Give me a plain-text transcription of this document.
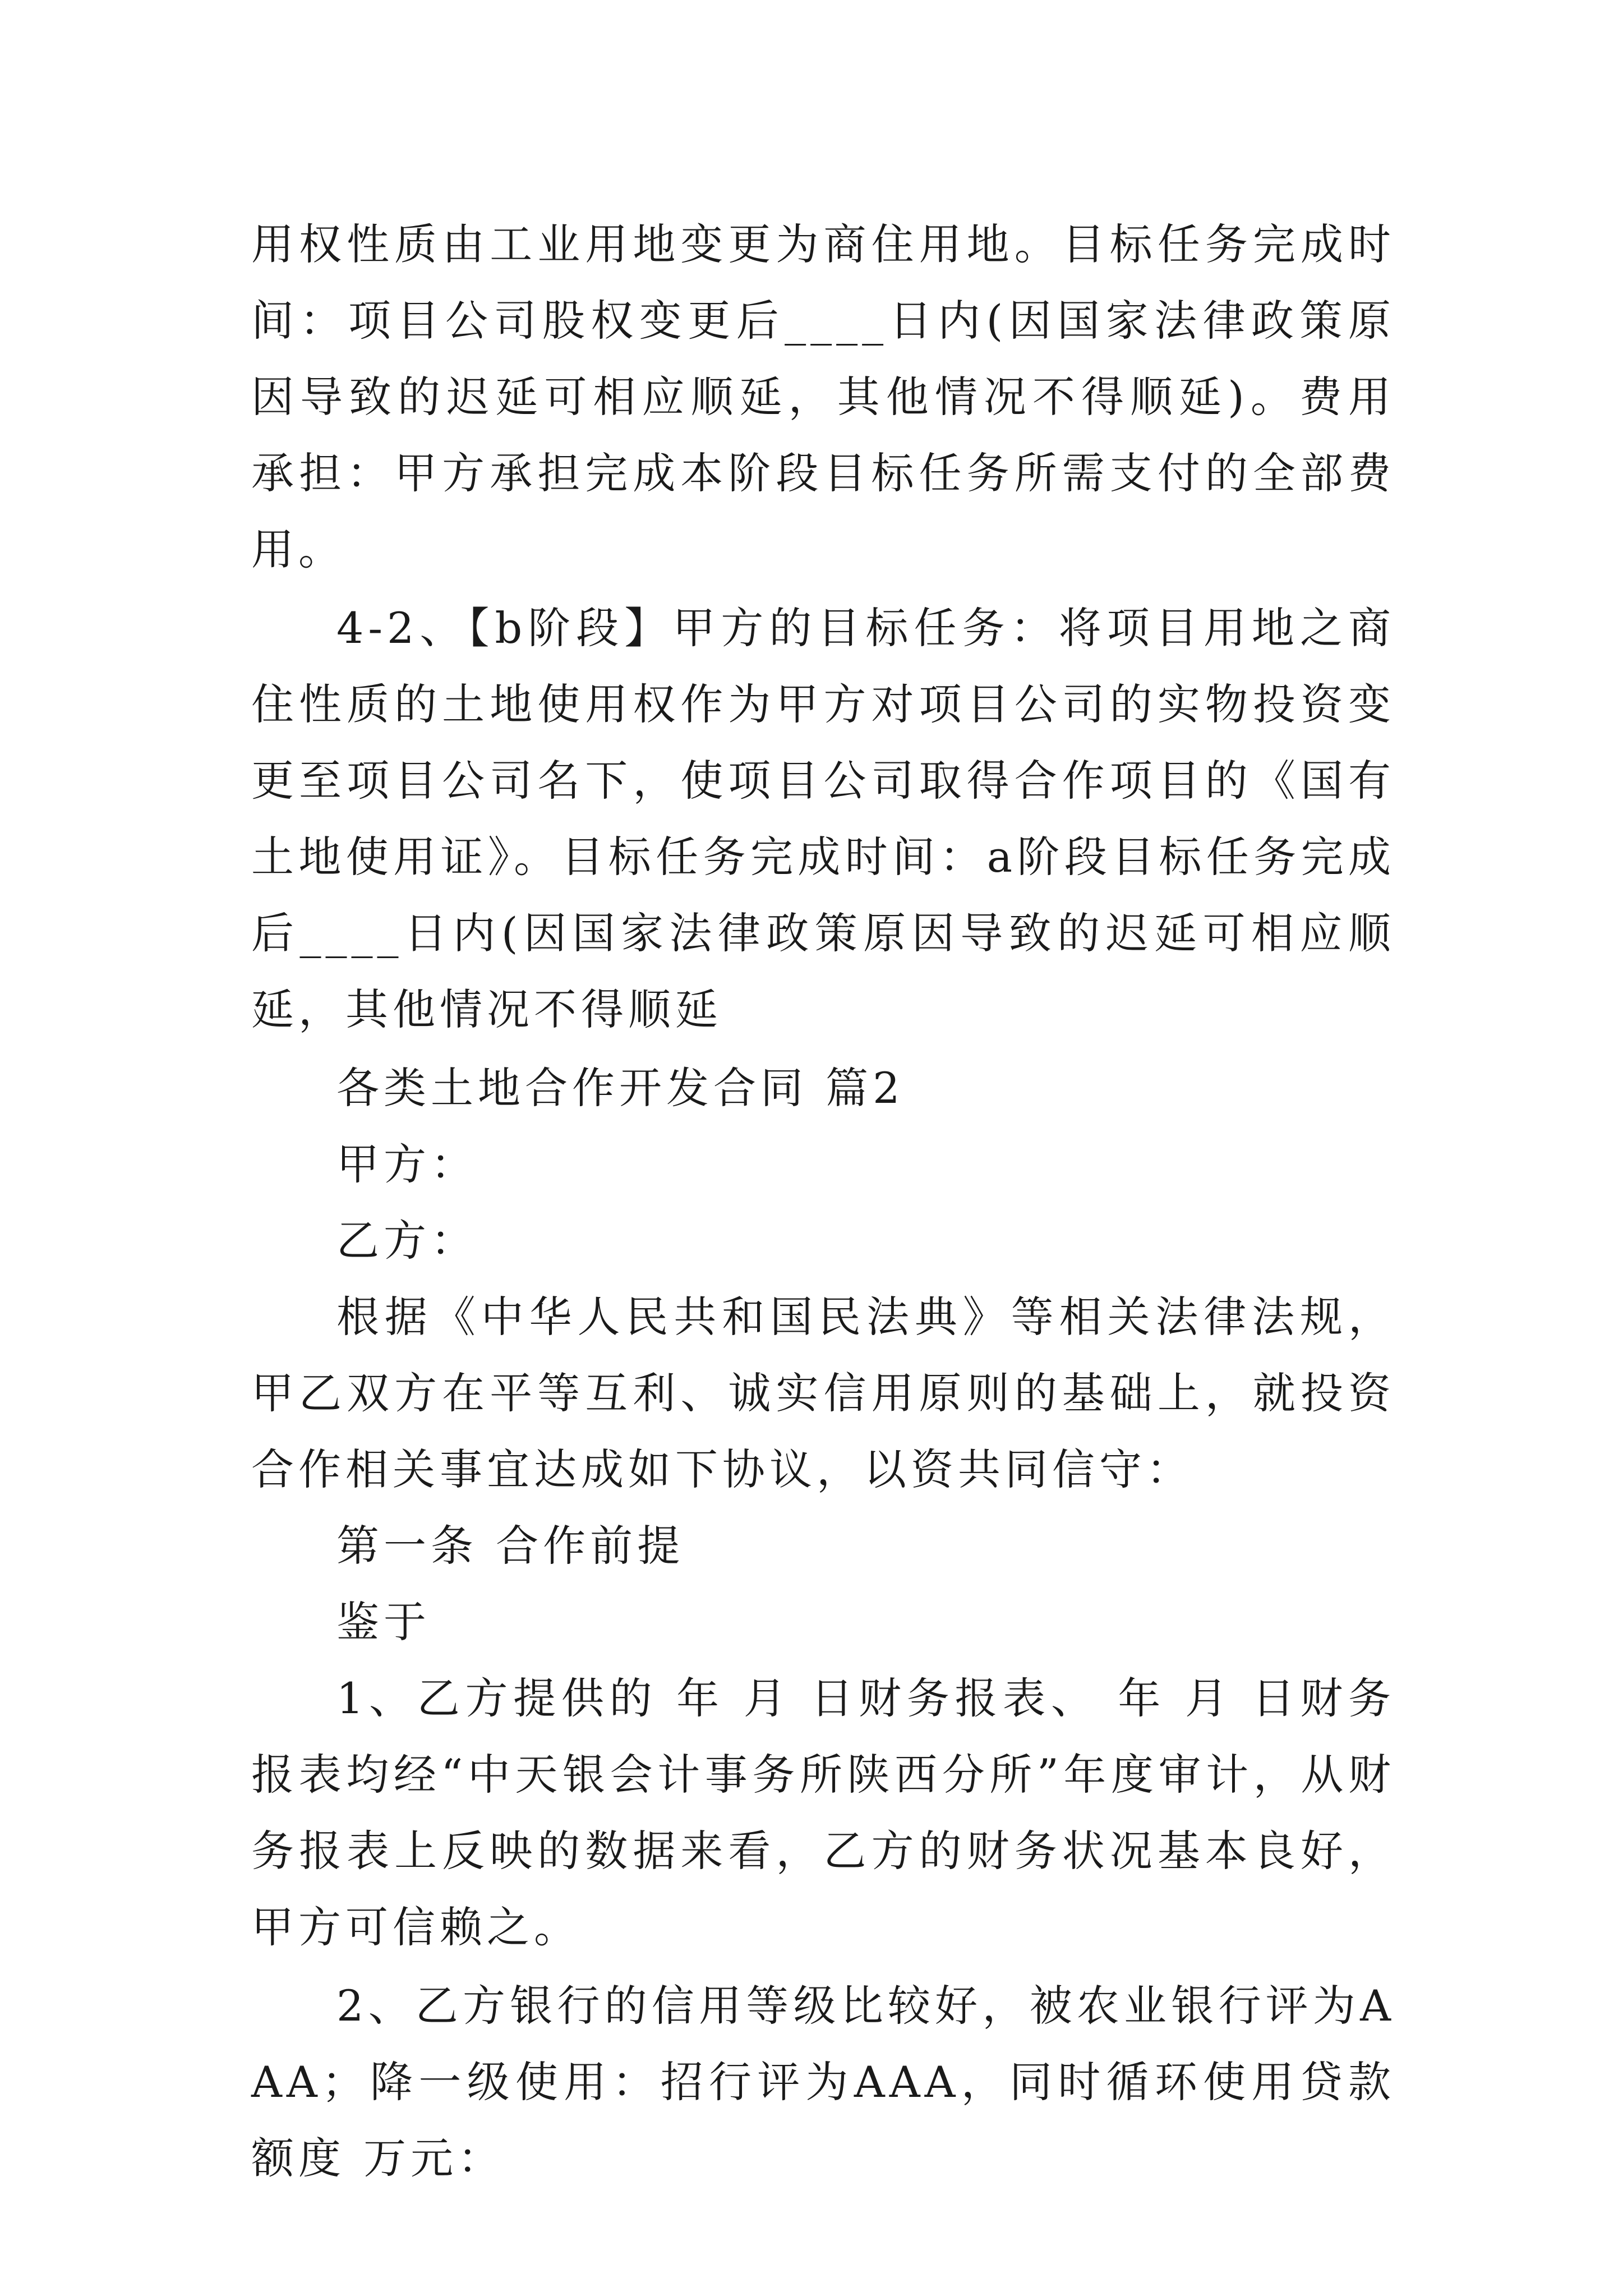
用权性质由工业用地变更为商住用地。目标任务完成时间：项目公司股权变更后____日内(因国家法律政策原因导致的迟延可相应顺延，其他情况不得顺延)。费用承担：甲方承担完成本阶段目标任务所需支付的全部费用。

4-2、【b阶段】甲方的目标任务：将项目用地之商住性质的土地使用权作为甲方对项目公司的实物投资变更至项目公司名下，使项目公司取得合作项目的《国有土地使用证》。目标任务完成时间：a阶段目标任务完成后____日内(因国家法律政策原因导致的迟延可相应顺延，其他情况不得顺延

各类土地合作开发合同 篇2

甲方：

乙方：

根据《中华人民共和国民法典》等相关法律法规，甲乙双方在平等互利、诚实信用原则的基础上，就投资合作相关事宜达成如下协议，以资共同信守：

第一条 合作前提

鉴于

1、乙方提供的 年 月 日财务报表、 年 月 日财务报表均经“中天银会计事务所陕西分所”年度审计，从财务报表上反映的数据来看，乙方的财务状况基本良好，甲方可信赖之。

2、乙方银行的信用等级比较好，被农业银行评为AAA；降一级使用：招行评为AAA，同时循环使用贷款额度 万元：
